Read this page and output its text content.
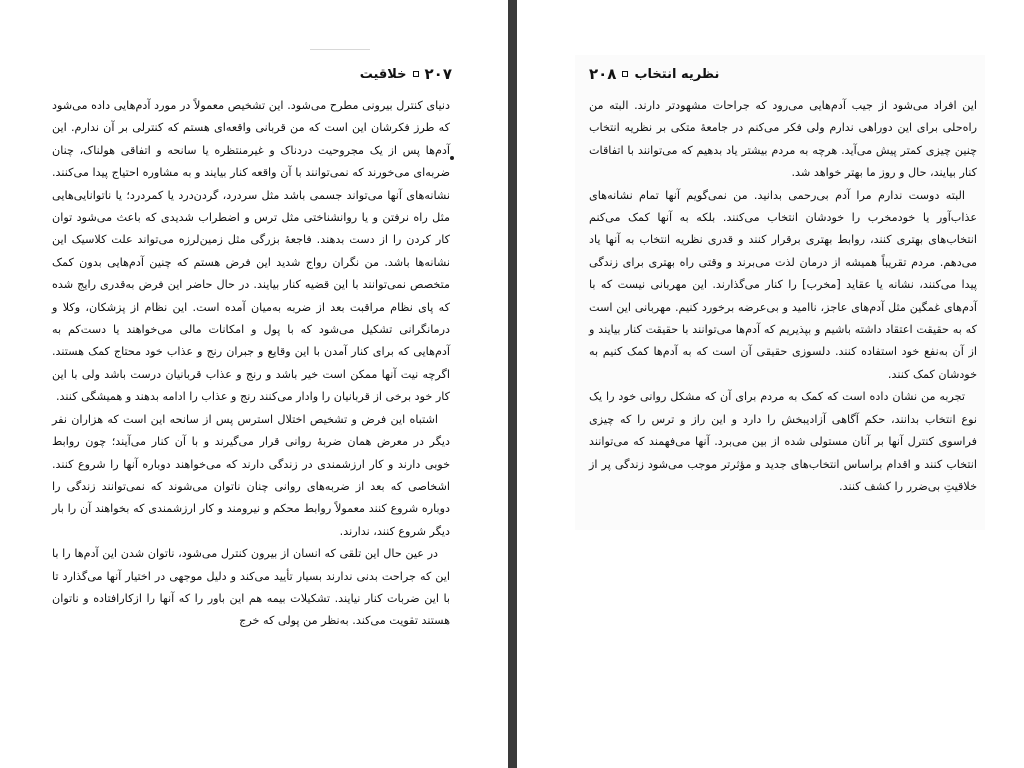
۲۰۷
خلاقیت

دنیای کنترل بیرونی مطرح می‌شود. این تشخیص معمولاً در مورد آدم‌هایی داده می‌شود که طرز فکرشان این است که من قربانی واقعه‌ای هستم که کنترلی بر آن ندارم. این آدم‌ها پس از یک مجروحیت دردناک و غیرمنتظره یا سانحه و اتفاقی هولناک، چنان ضربه‌ای می‌خورند که نمی‌توانند با آن واقعه کنار بیایند و به مشاوره احتیاج پیدا می‌کنند. نشانه‌های آنها می‌تواند جسمی باشد مثل سردرد، گردن‌درد یا کمردرد؛ یا ناتوانایی‌هایی مثل راه نرفتن و یا روانشناختی مثل ترس و اضطراب شدیدی که باعث می‌شود توان کار کردن را از دست بدهند. فاجعهٔ بزرگی مثل زمین‌لرزه می‌تواند علت کلاسیک این نشانه‌ها باشد. من نگران رواج شدید این فرض هستم که چنین آدم‌هایی بدون کمک متخصص نمی‌توانند با این قضیه کنار بیایند. در حال حاضر این فرض به‌قدری رایج شده که پای نظام مراقبت بعد از ضربه به‌میان آمده است. این نظام از پزشکان، وکلا و درمانگرانی تشکیل می‌شود که با پول و امکانات مالی می‌خواهند یا دست‌کم به آدم‌هایی که برای کنار آمدن با این وقایع و جبران رنج و عذاب خود محتاج کمک هستند. اگرچه نیت آنها ممکن است خیر باشد و رنج و عذاب قربانیان درست باشد ولی با این کار خود برخی از قربانیان را وادار می‌کنند رنج و عذاب را ادامه بدهند و همیشگی کنند.

اشتباه این فرض و تشخیص اختلال استرس پس از سانحه این است که هزاران نفر دیگر در معرض همان ضربهٔ روانی قرار می‌گیرند و با آن کنار می‌آیند؛ چون روابط خوبی دارند و کار ارزشمندی در زندگی دارند که می‌خواهند دوباره آنها را شروع کنند. اشخاصی که بعد از ضربه‌های روانی چنان ناتوان می‌شوند که نمی‌توانند زندگی را دوباره شروع کنند معمولاً روابط محکم و نیرومند و کار ارزشمندی که بخواهند آن را بار دیگر شروع کنند، ندارند.

در عین حال این تلقی که انسان از بیرون کنترل می‌شود، ناتوان شدن این آدم‌ها را با این که جراحت بدنی ندارند بسیار تأیید می‌کند و دلیل موجهی در اختیار آنها می‌گذارد تا با این ضربات کنار نیایند. تشکیلات بیمه هم این باور را که آنها را ازکارافتاده و ناتوان هستند تقویت می‌کند. به‌نظر من پولی که خرج

نظریه انتخاب
۲۰۸

این افراد می‌شود از جیب آدم‌هایی می‌رود که جراحات مشهودتر دارند. البته من راه‌حلی برای این دوراهی ندارم ولی فکر می‌کنم در جامعهٔ متکی بر نظریه انتخاب چنین چیزی کمتر پیش می‌آید. هرچه به مردم بیشتر یاد بدهیم که می‌توانند با اتفاقات کنار بیایند، حال و روز ما بهتر خواهد شد.

البته دوست ندارم مرا آدم بی‌رحمی بدانید. من نمی‌گویم آنها تمام نشانه‌های عذاب‌آور یا خودمخرب را خودشان انتخاب می‌کنند. بلکه به آنها کمک می‌کنم انتخاب‌های بهتری کنند، روابط بهتری برقرار کنند و قدری نظریه انتخاب به آنها یاد می‌دهم. مردم تقریباً همیشه از درمان لذت می‌برند و وقتی راه بهتری برای زندگی پیدا می‌کنند، نشانه یا عقاید [مخرب] را کنار می‌گذارند. این مهربانی نیست که با آدم‌های غمگین مثل آدم‌های عاجز، ناامید و بی‌عرضه برخورد کنیم. مهربانی این است که به حقیقت اعتقاد داشته باشیم و بپذیریم که آدم‌ها می‌توانند با حقیقت کنار بیایند و از آن به‌نفع خود استفاده کنند. دلسوزی حقیقی آن است که به آدم‌ها کمک کنیم به خودشان کمک کنند.

تجربه من نشان داده است که کمک به مردم برای آن که مشکل روانی خود را یک نوع انتخاب بدانند، حکم آگاهی آزادیبخش را دارد و این راز و ترس را که چیزی فراسوی کنترل آنها بر آنان مستولی شده از بین می‌برد. آنها می‌فهمند که می‌توانند انتخاب کنند و اقدام براساس انتخاب‌های جدید و مؤثرتر موجب می‌شود زندگی پر از خلاقیتِ بی‌ضرر را کشف کنند.
